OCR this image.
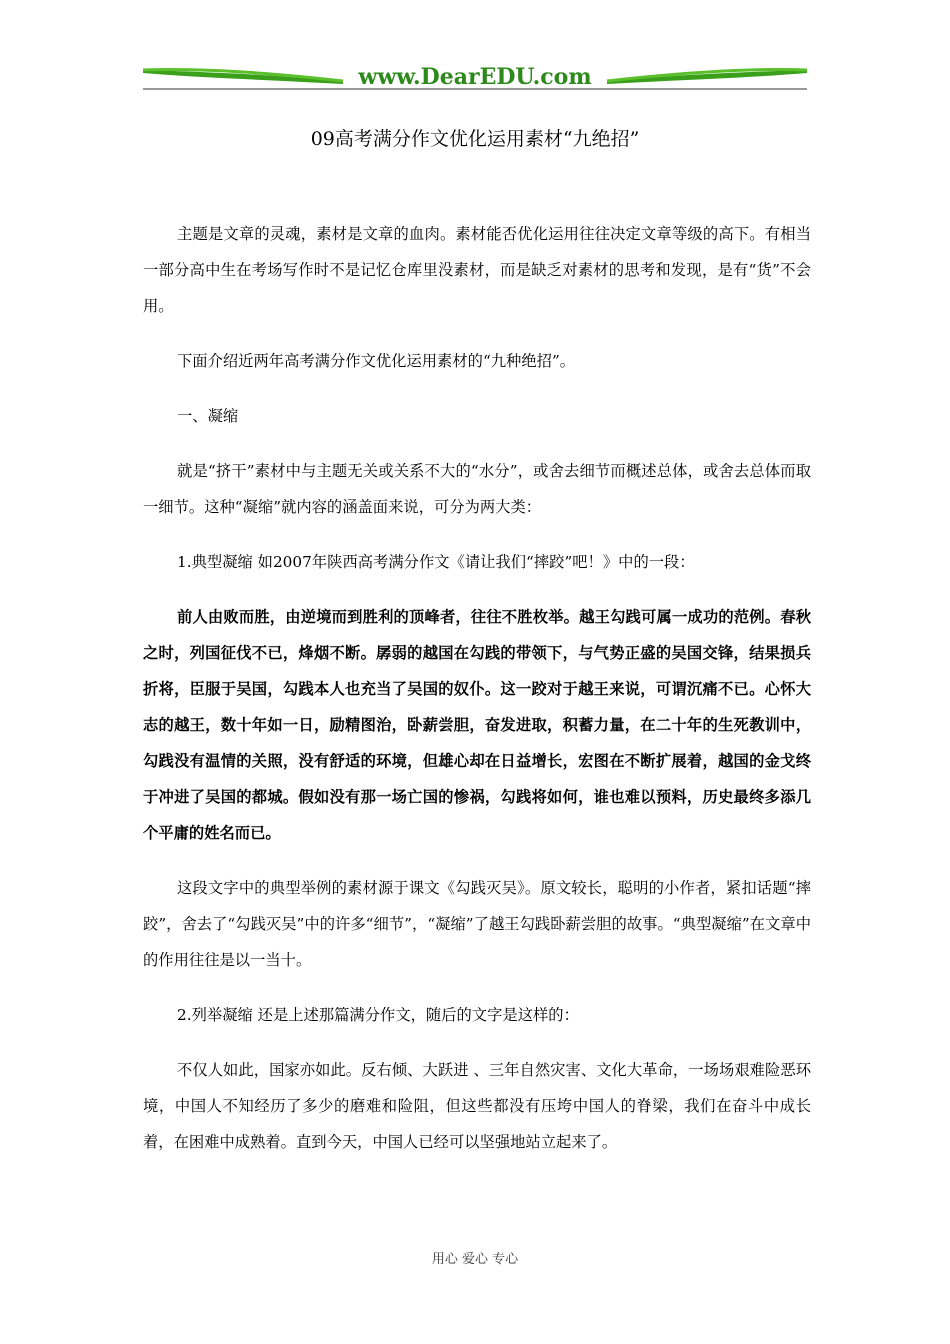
www.DearEDU.com
09高考满分作文优化运用素材“九绝招”

主题是文章的灵魂，素材是文章的血肉。素材能否优化运用往往决定文章等级的高下。有相当一部分高中生在考场写作时不是记忆仓库里没素材，而是缺乏对素材的思考和发现，是有“货”不会用。

下面介绍近两年高考满分作文优化运用素材的“九种绝招”。

一、凝缩

就是“挤干”素材中与主题无关或关系不大的“水分”，或舍去细节而概述总体，或舍去总体而取一细节。这种“凝缩”就内容的涵盖面来说，可分为两大类：

1.典型凝缩 如2007年陕西高考满分作文《请让我们“摔跤”吧！》中的一段：

前人由败而胜，由逆境而到胜利的顶峰者，往往不胜枚举。越王勾践可属一成功的范例。春秋之时，列国征伐不已，烽烟不断。孱弱的越国在勾践的带领下，与气势正盛的吴国交锋，结果损兵折将，臣服于吴国，勾践本人也充当了吴国的奴仆。这一跤对于越王来说，可谓沉痛不已。心怀大志的越王，数十年如一日，励精图治，卧薪尝胆，奋发进取，积蓄力量，在二十年的生死教训中，勾践没有温情的关照，没有舒适的环境，但雄心却在日益增长，宏图在不断扩展着，越国的金戈终于冲进了吴国的都城。假如没有那一场亡国的惨祸，勾践将如何，谁也难以预料，历史最终多添几个平庸的姓名而已。

这段文字中的典型举例的素材源于课文《勾践灭吴》。原文较长，聪明的小作者，紧扣话题“摔跤”，舍去了“勾践灭吴”中的许多“细节”，“凝缩”了越王勾践卧薪尝胆的故事。“典型凝缩”在文章中的作用往往是以一当十。

2.列举凝缩 还是上述那篇满分作文，随后的文字是这样的：

不仅人如此，国家亦如此。反右倾、大跃进 、三年自然灾害、文化大革命，一场场艰难险恶环境，中国人不知经历了多少的磨难和险阻，但这些都没有压垮中国人的脊梁，我们在奋斗中成长着，在困难中成熟着。直到今天，中国人已经可以坚强地站立起来了。

用心 爱心 专心
